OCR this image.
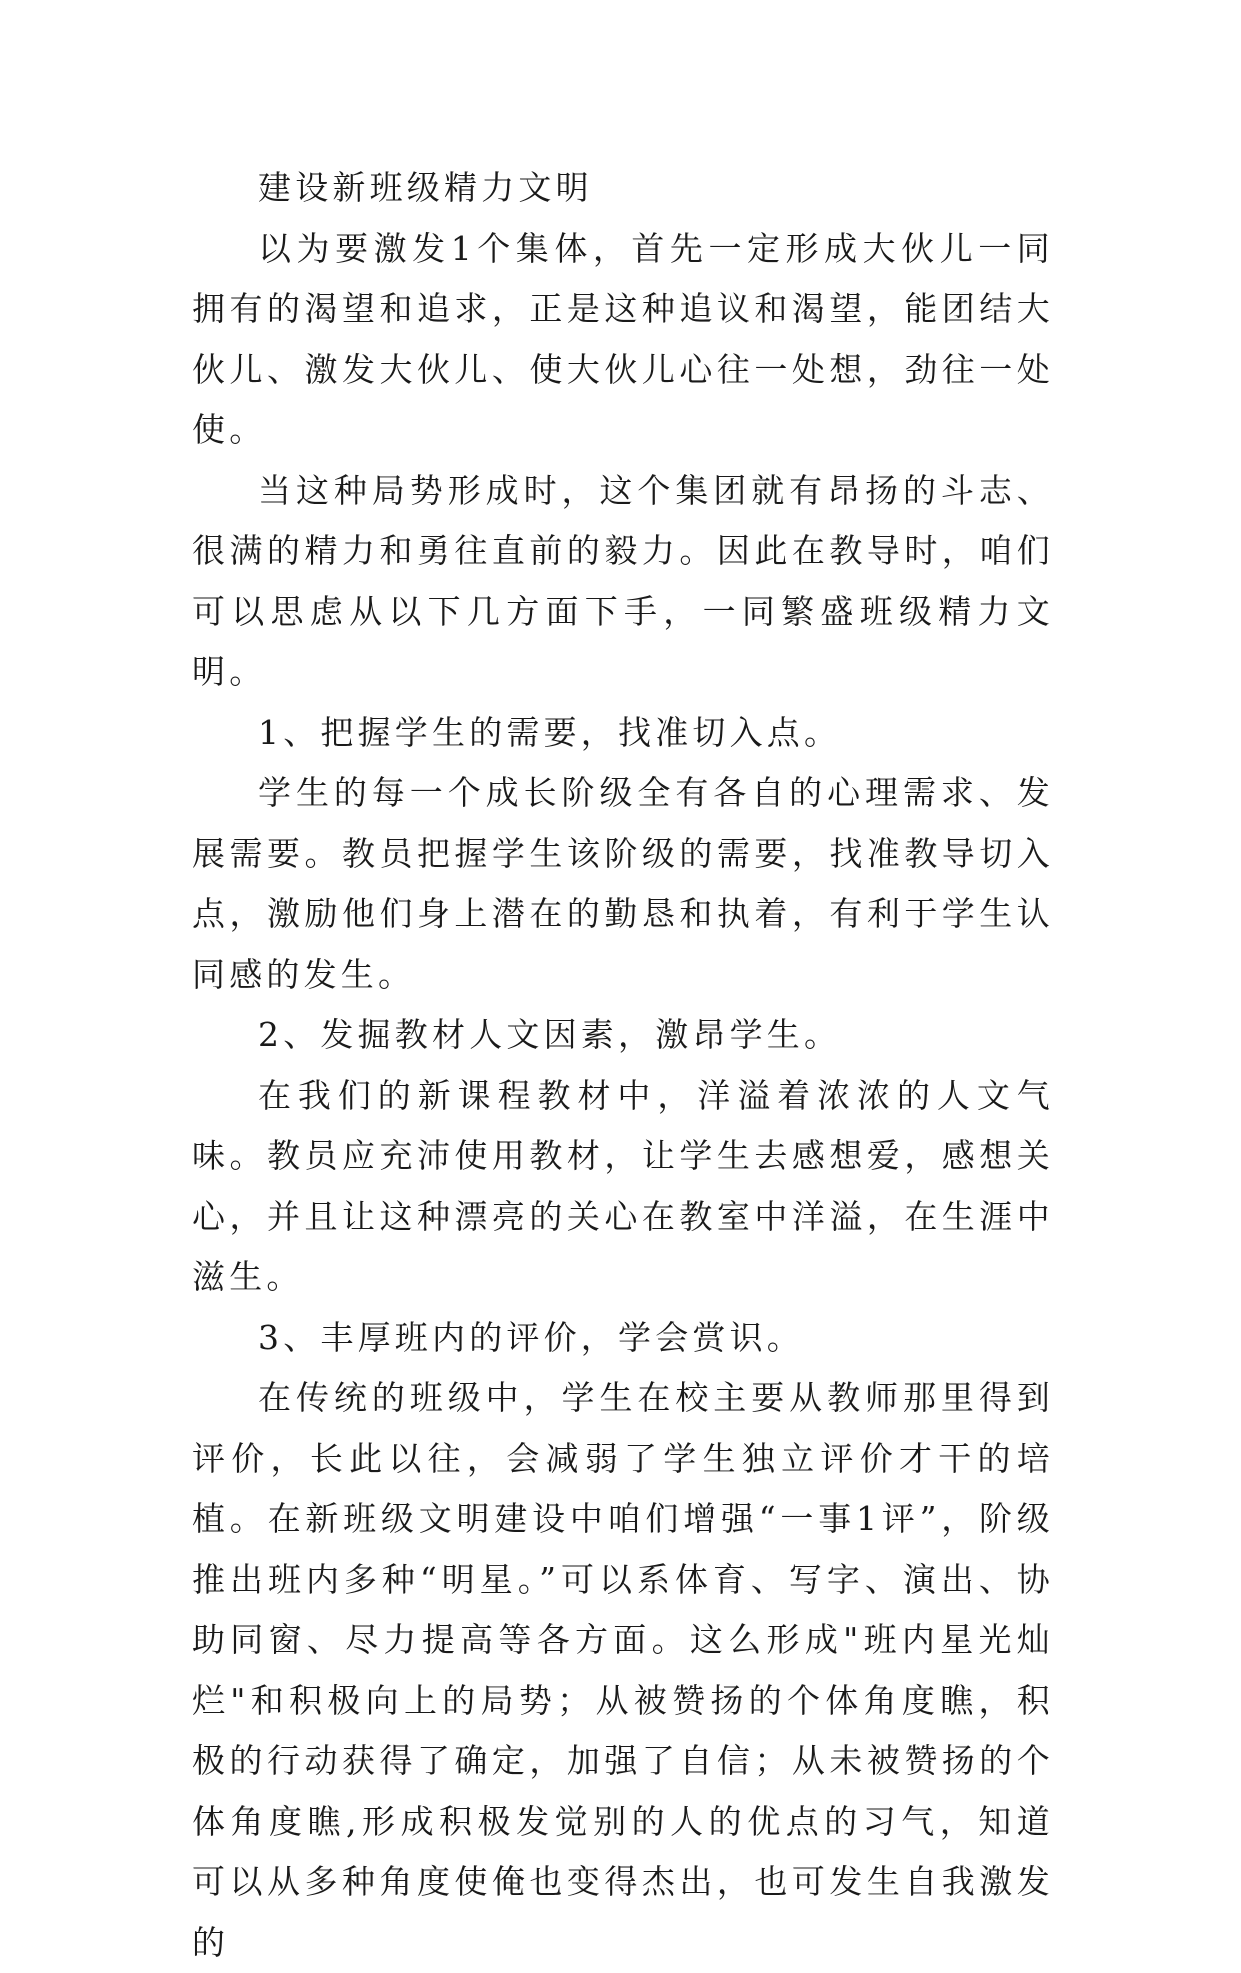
建设新班级精力文明

以为要激发1个集体，首先一定形成大伙儿一同拥有的渴望和追求，正是这种追议和渴望，能团结大伙儿、激发大伙儿、使大伙儿心往一处想，劲往一处使。

当这种局势形成时，这个集团就有昂扬的斗志、很满的精力和勇往直前的毅力。因此在教导时，咱们可以思虑从以下几方面下手，一同繁盛班级精力文明。

1、把握学生的需要，找准切入点。

学生的每一个成长阶级全有各自的心理需求、发展需要。教员把握学生该阶级的需要，找准教导切入点，激励他们身上潜在的勤恳和执着，有利于学生认同感的发生。

2、发掘教材人文因素，激昂学生。

在我们的新课程教材中，洋溢着浓浓的人文气味。教员应充沛使用教材，让学生去感想爱，感想关心，并且让这种漂亮的关心在教室中洋溢，在生涯中滋生。

3、丰厚班内的评价，学会赏识。

在传统的班级中，学生在校主要从教师那里得到评价，长此以往，会减弱了学生独立评价才干的培植。在新班级文明建设中咱们增强“一事1评”，阶级推出班内多种“明星。”可以系体育、写字、演出、协助同窗、尽力提高等各方面。这么形成"班内星光灿烂"和积极向上的局势；从被赞扬的个体角度瞧，积极的行动获得了确定，加强了自信；从未被赞扬的个体角度瞧,形成积极发觉别的人的优点的习气，知道可以从多种角度使俺也变得杰出，也可发生自我激发的
